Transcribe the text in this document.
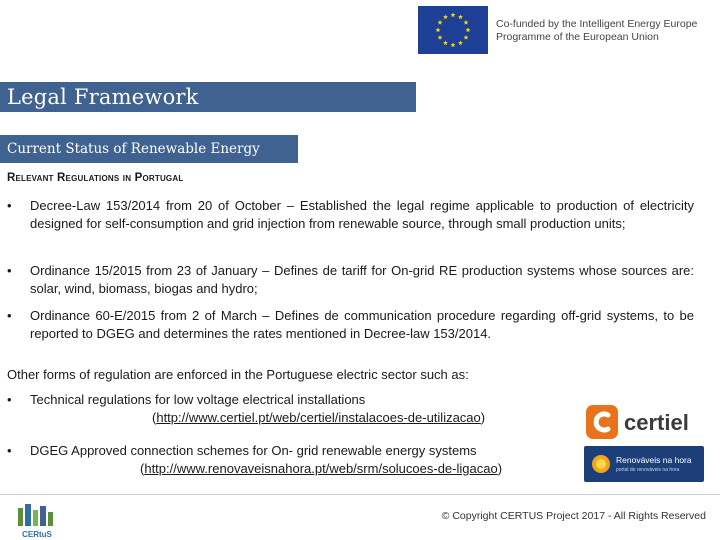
Co-funded by the Intelligent Energy Europe
Programme of the European Union
Legal Framework
Current Status of Renewable Energy
Relevant Regulations in Portugal
• Decree-Law 153/2014 from 20 of October – Established the legal regime applicable to production of electricity designed for self-consumption and grid injection from renewable source, through small production units;
• Ordinance 15/2015 from 23 of January – Defines de tariff for On-grid RE production systems whose sources are: solar, wind, biomass, biogas and hydro;
• Ordinance 60-E/2015 from 2 of March – Defines de communication procedure regarding off-grid systems, to be reported to DGEG and determines the rates mentioned in Decree-law 153/2014.
Other forms of regulation are enforced in the Portuguese electric sector such as:
• Technical regulations for low voltage electrical installations
(http://www.certiel.pt/web/certiel/instalacoes-de-utilizacao)
• DGEG Approved connection schemes for On- grid renewable energy systems
(http://www.renovaveisnahora.pt/web/srm/solucoes-de-ligacao)
certiel
Renováveis na hora
portal de renováveis na hora
CERtuS
© Copyright CERTUS Project 2017 - All Rights Reserved
